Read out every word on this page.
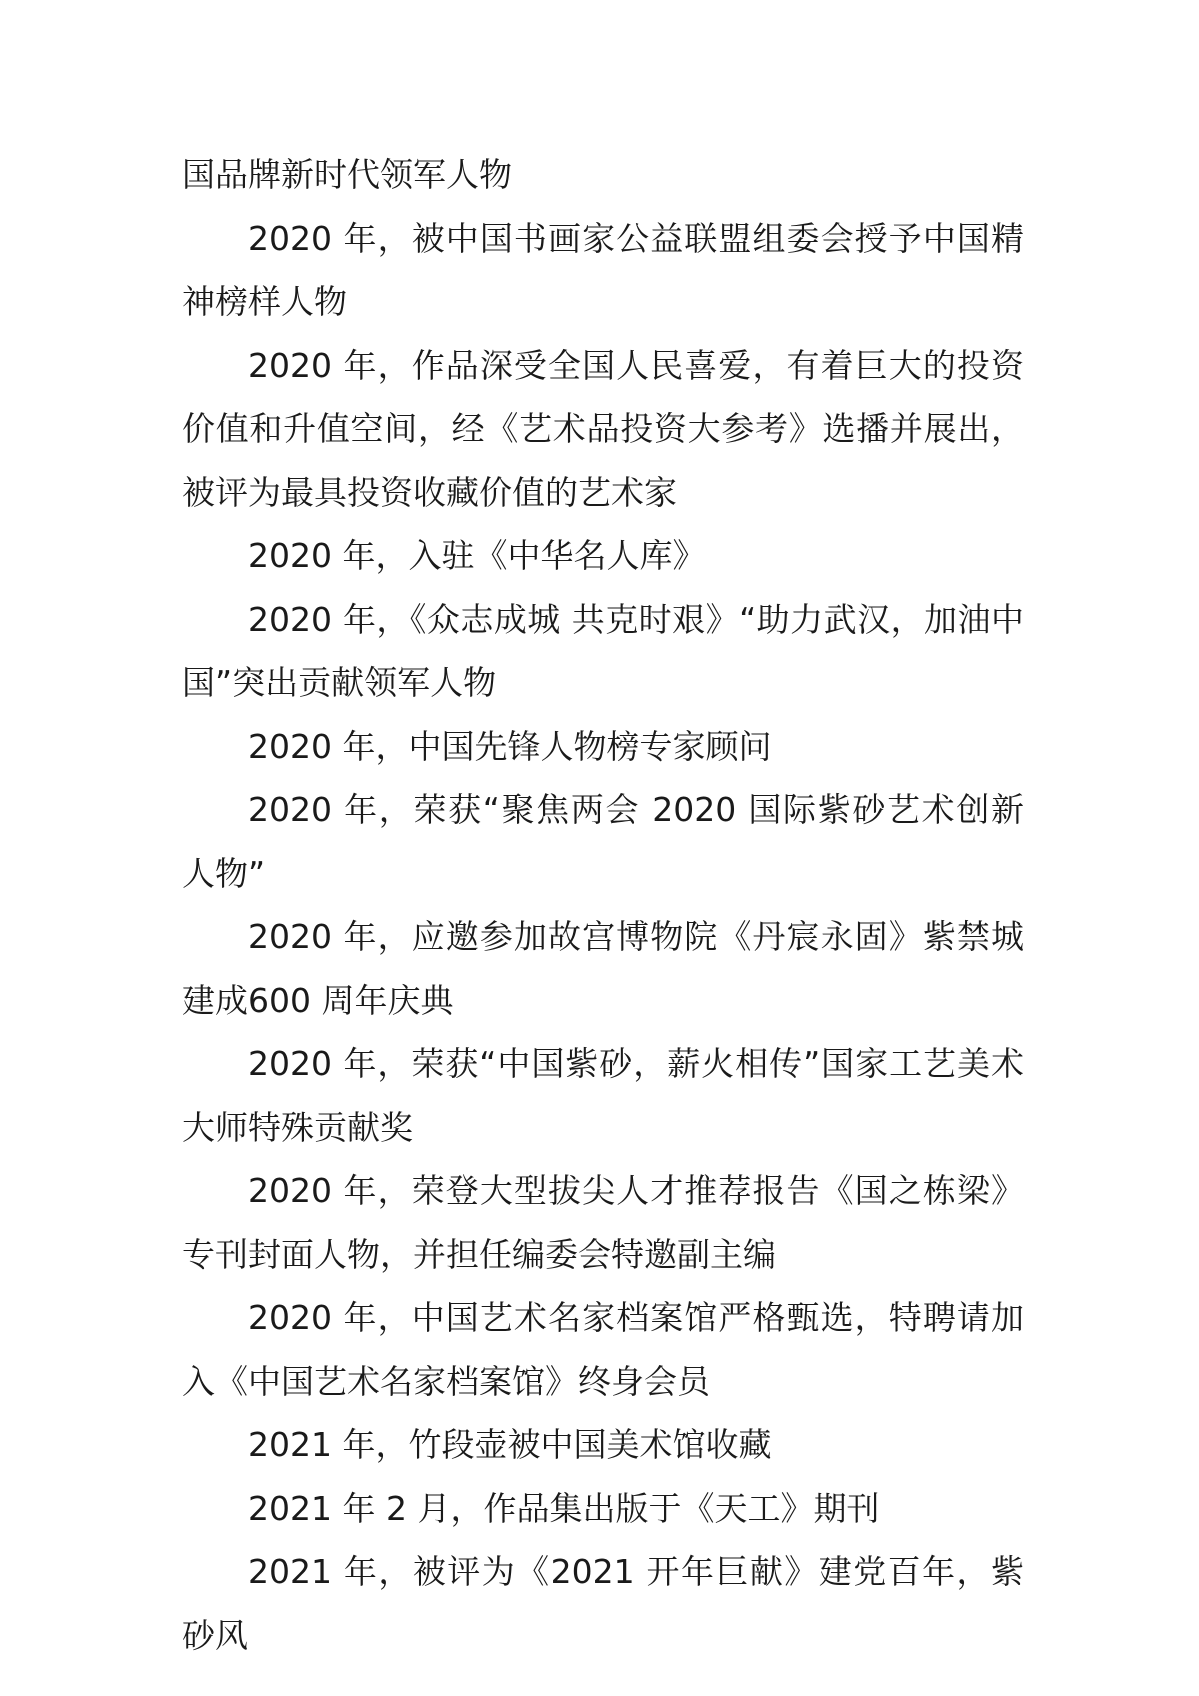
国品牌新时代领军人物

2020 年，被中国书画家公益联盟组委会授予中国精神榜样人物

2020 年，作品深受全国人民喜爱，有着巨大的投资价值和升值空间，经《艺术品投资大参考》选播并展出，被评为最具投资收藏价值的艺术家

2020 年，入驻《中华名人库》

2020 年，《众志成城 共克时艰》“助力武汉，加油中国”突出贡献领军人物

2020 年，中国先锋人物榜专家顾问

2020 年，荣获“聚焦两会 2020 国际紫砂艺术创新人物”

2020 年，应邀参加故宫博物院《丹宸永固》紫禁城建成600 周年庆典

2020 年，荣获“中国紫砂，薪火相传”国家工艺美术大师特殊贡献奖

2020 年，荣登大型拔尖人才推荐报告《国之栋梁》专刊封面人物，并担任编委会特邀副主编

2020 年，中国艺术名家档案馆严格甄选，特聘请加入《中国艺术名家档案馆》终身会员

2021 年，竹段壶被中国美术馆收藏

2021 年 2 月，作品集出版于《天工》期刊

2021 年，被评为《2021 开年巨献》建党百年，紫砂风
